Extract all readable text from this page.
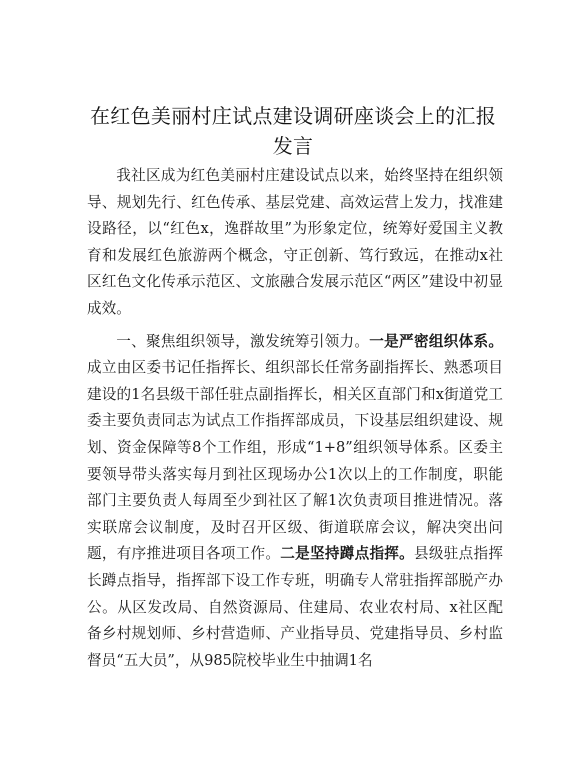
在红色美丽村庄试点建设调研座谈会上的汇报发言

我社区成为红色美丽村庄建设试点以来，始终坚持在组织领导、规划先行、红色传承、基层党建、高效运营上发力，找准建设路径，以“红色x，逸群故里”为形象定位，统筹好爱国主义教育和发展红色旅游两个概念，守正创新、笃行致远，在推动x社区红色文化传承示范区、文旅融合发展示范区“两区”建设中初显成效。

一、聚焦组织领导，激发统筹引领力。一是严密组织体系。成立由区委书记任指挥长、组织部长任常务副指挥长、熟悉项目建设的1名县级干部任驻点副指挥长，相关区直部门和x街道党工委主要负责同志为试点工作指挥部成员，下设基层组织建设、规划、资金保障等8个工作组，形成“1+8”组织领导体系。区委主要领导带头落实每月到社区现场办公1次以上的工作制度，职能部门主要负责人每周至少到社区了解1次负责项目推进情况。落实联席会议制度，及时召开区级、街道联席会议，解决突出问题，有序推进项目各项工作。二是坚持蹲点指挥。县级驻点指挥长蹲点指导，指挥部下设工作专班，明确专人常驻指挥部脱产办公。从区发改局、自然资源局、住建局、农业农村局、x社区配备乡村规划师、乡村营造师、产业指导员、党建指导员、乡村监督员“五大员”，从985院校毕业生中抽调1名
